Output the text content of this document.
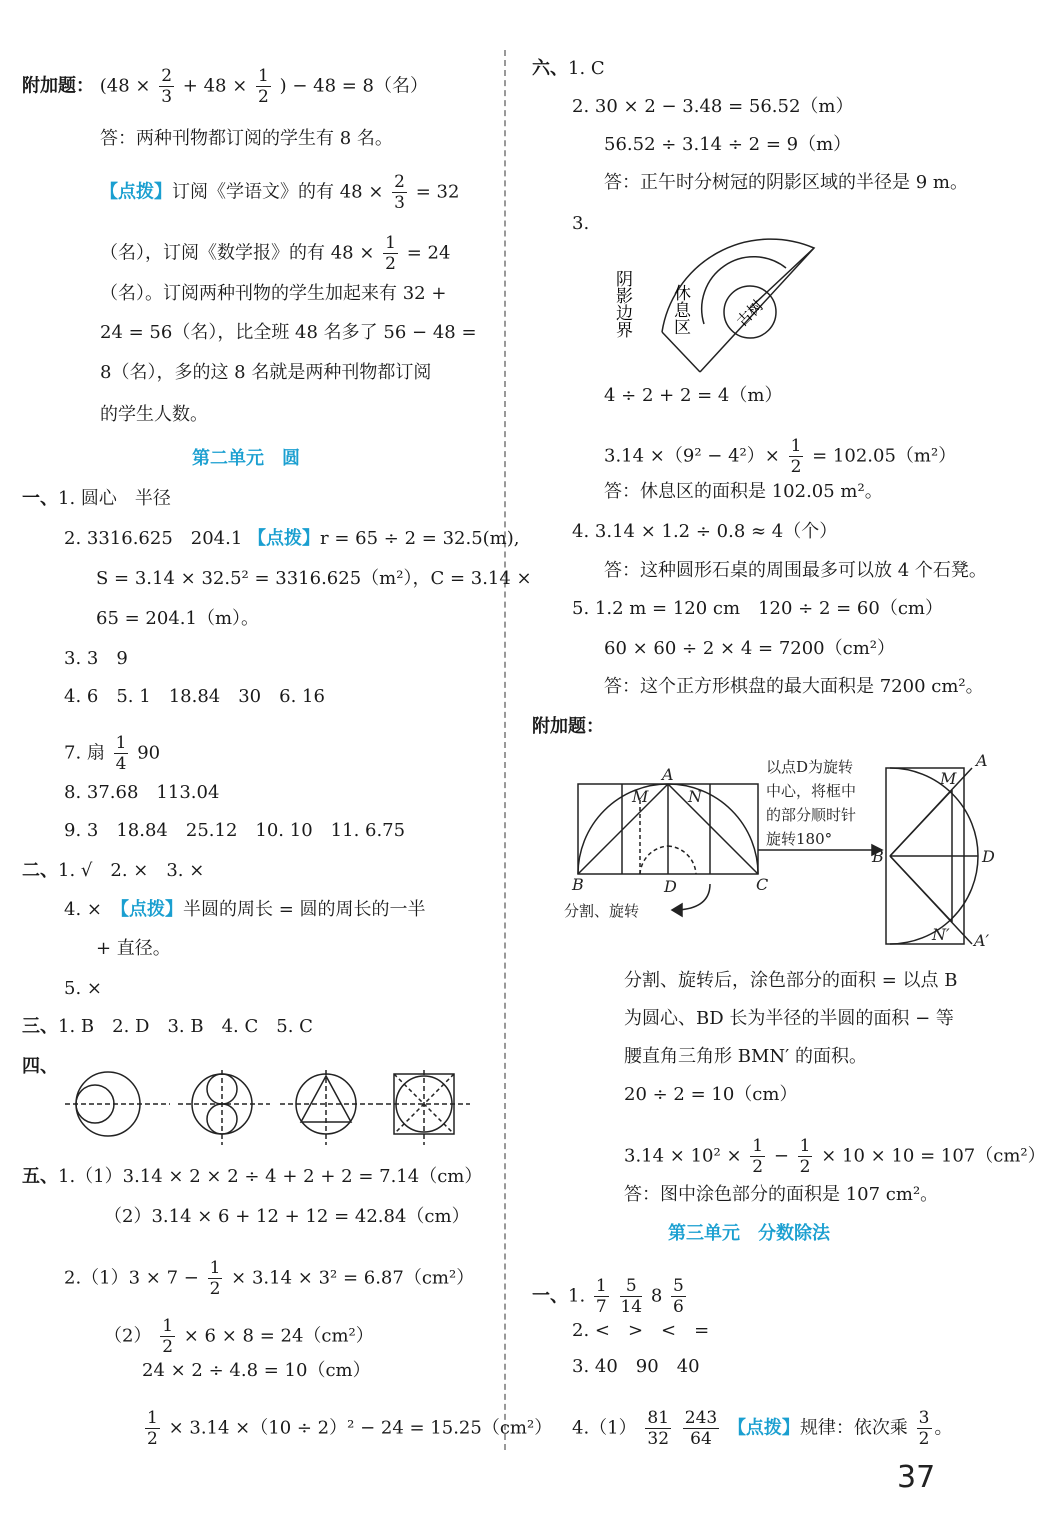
附加题： ($48 \times \frac{2}{3} + 48 \times \frac{1}{2}$ ) − 48 = 8（名）
答：两种刊物都订阅的学生有 8 名。
【点拨】订阅《学语文》的有 $48 \times \frac{2}{3} = 32$
（名），订阅《数学报》的有 $48 \times \frac{1}{2} = 24$
（名）。订阅两种刊物的学生加起来有 32 +
24 = 56（名），比全班 48 名多了 56 − 48 =
8（名），多的这 8 名就是两种刊物都订阅
的学生人数。
第二单元　圆
一、1. 圆心　半径
2. 3316.625　204.1 【点拨】r = 65 ÷ 2 = 32.5(m),
S = 3.14 × 32.5² = 3316.625（m²），C = 3.14 ×
65 = 204.1（m）。
3. 3　9
4. 6　5. 1　18.84　30　6. 16
7. 扇 $\frac{1}{4} 90$
8. 37.68　113.04
9. 3　18.84　25.12　10. 10　11. 6.75
二、1. √　2. ×　3. ×
4. ×　 【点拨】半圆的周长 = 圆的周长的一半
+ 直径。
5. ×
三、1. B　2. D　3. B　4. C　5. C
四、
五、1.（1）3.14 × 2 × 2 ÷ 4 + 2 + 2 = 7.14（cm）
（2）3.14 × 6 + 12 + 12 = 42.84（cm）
$2.(1)3 \times 7 - \frac{1}{2} \times 3.14 \times 3^2 = 6.87(cm^2)$
$(2) \frac{1}{2} \times 6 \times 8 = 24(cm^2)$
24 × 2 ÷ 4.8 = 10（cm）
$\frac{1}{2} \times 3.14 \times(10 \div 2)^2 - 24 = 15.25(cm^2)$
六、1. C
2. 30 × 2 − 3.48 = 56.52（m）
56.52 ÷ 3.14 ÷ 2 = 9（m）
答：正午时分树冠的阴影区域的半径是 9 m。
3.
阴影边界 休息区	古树
4 ÷ 2 + 2 = 4（m）
$3.14 \times(9^2 - 4^2)\times \frac{1}{2} = 102.05(m^2)$
答：休息区的面积是 102.05 m²。
4. 3.14 × 1.2 ÷ 0.8 ≈ 4（个）
答：这种圆形石桌的周围最多可以放 4 个石凳。
5. 1.2 m = 120 cm　120 ÷ 2 = 60（cm）
60 × 60 ÷ 2 × 4 = 7200（cm²）
答：这个正方形棋盘的最大面积是 7200 cm²。
附加题：
A
M N
B	D	C
A
M
B	D
N′ A′
以点D为旋转
中心，将框中
的部分顺时针
旋转180°
分割、旋转
分割、旋转后，涂色部分的面积 = 以点 B
为圆心、BD 长为半径的半圆的面积 − 等
腰直角三角形 BMN′ 的面积。
20 ÷ 2 = 10（cm）
$3.14 \times 10^2 \times \frac{1}{2} - \frac{1}{2} \times 10 \times 10 = 107(cm^2)$
答：图中涂色部分的面积是 107 cm²。
第三单元　分数除法
一、1. $\frac{1}{7}$
$\frac{5}{14} 8 \frac{5}{6}$
2. <　>　<　=
3. 40　90　40
$4.(1) \frac{81}{32}$
$\frac{243}{64}$ 【点拨】规律：依次乘 $\frac{3}{2}$ 。
37
